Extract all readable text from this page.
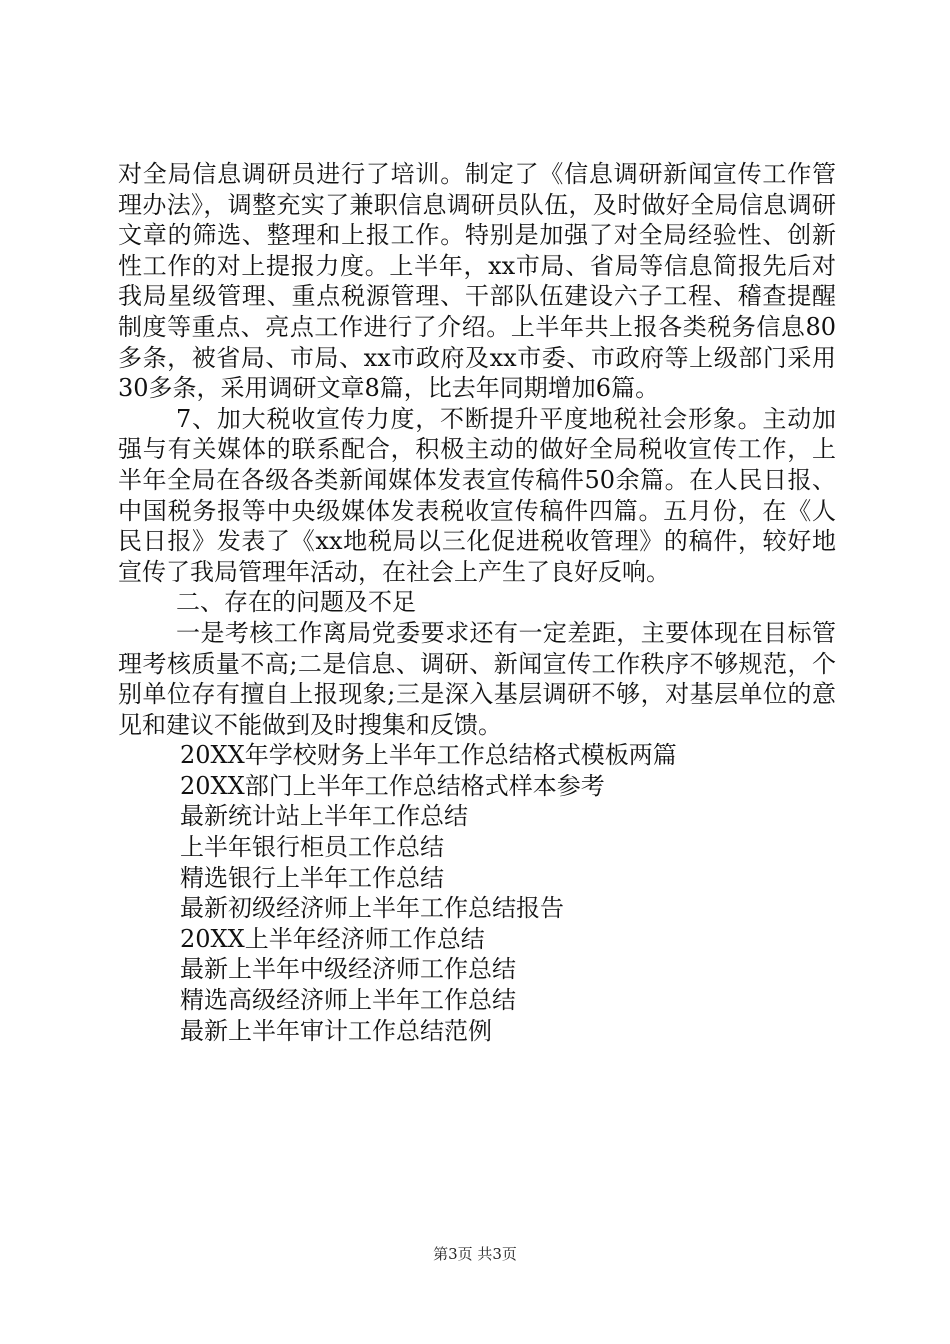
对全局信息调研员进行了培训。制定了《信息调研新闻宣传工作管理办法》，调整充实了兼职信息调研员队伍，及时做好全局信息调研文章的筛选、整理和上报工作。特别是加强了对全局经验性、创新性工作的对上提报力度。上半年，xx市局、省局等信息简报先后对我局星级管理、重点税源管理、干部队伍建设六子工程、稽查提醒制度等重点、亮点工作进行了介绍。上半年共上报各类税务信息80多条，被省局、市局、xx市政府及xx市委、市政府等上级部门采用30多条，采用调研文章8篇，比去年同期增加6篇。

7、加大税收宣传力度，不断提升平度地税社会形象。主动加强与有关媒体的联系配合，积极主动的做好全局税收宣传工作，上半年全局在各级各类新闻媒体发表宣传稿件50余篇。在人民日报、中国税务报等中央级媒体发表税收宣传稿件四篇。五月份，在《人民日报》发表了《xx地税局以三化促进税收管理》的稿件，较好地宣传了我局管理年活动，在社会上产生了良好反响。

二、存在的问题及不足

一是考核工作离局党委要求还有一定差距，主要体现在目标管理考核质量不高;二是信息、调研、新闻宣传工作秩序不够规范，个别单位存有擅自上报现象;三是深入基层调研不够，对基层单位的意见和建议不能做到及时搜集和反馈。

20XX年学校财务上半年工作总结格式模板两篇
20XX部门上半年工作总结格式样本参考
最新统计站上半年工作总结
上半年银行柜员工作总结
精选银行上半年工作总结
最新初级经济师上半年工作总结报告
20XX上半年经济师工作总结
最新上半年中级经济师工作总结
精选高级经济师上半年工作总结
最新上半年审计工作总结范例
第3页 共3页
